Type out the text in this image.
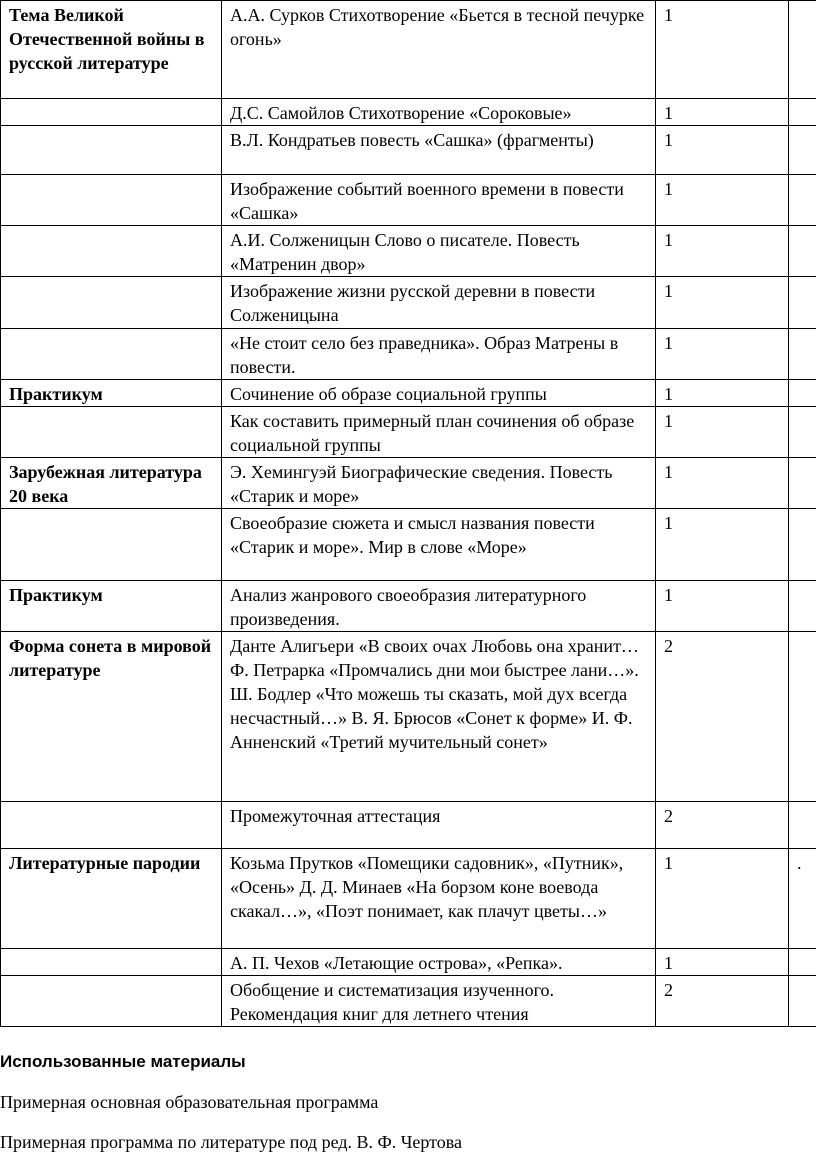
Тема Великой Отечественной войны в русской литературе	А.А. Сурков Стихотворение «Бьется в тесной печурке огонь»	1	
	Д.С. Самойлов Стихотворение «Сороковые»	1	
	В.Л. Кондратьев повесть «Сашка» (фрагменты)	1	
	Изображение событий военного времени в повести «Сашка»	1	
	А.И. Солженицын Слово о писателе. Повесть «Матренин двор»	1	
	Изображение жизни русской деревни в повести Солженицына	1	
	«Не стоит село без праведника». Образ Матрены в повести.	1	
Практикум	Сочинение об образе социальной группы	1	
	Как составить примерный план сочинения об образе социальной группы	1	
Зарубежная литература 20 века	Э. Хемингуэй Биографические сведения. Повесть «Старик и море»	1	
	Своеобразие сюжета и смысл названия повести «Старик и море». Мир в слове «Море»	1	
Практикум	Анализ жанрового своеобразия литературного произведения.	1	
Форма сонета в мировой литературе	Данте Алигьери «В своих очах Любовь она хранит… Ф. Петрарка «Промчались дни мои быстрее лани…». Ш. Бодлер «Что можешь ты сказать, мой дух всегда несчастный…» В. Я. Брюсов «Сонет к форме» И. Ф. Анненский «Третий мучительный сонет»	2	
	Промежуточная аттестация	2	
Литературные пародии	Козьма Прутков «Помещики садовник», «Путник», «Осень» Д. Д. Минаев «На борзом коне воевода скакал…», «Поэт понимает, как плачут цветы…»	1	.
	А. П. Чехов «Летающие острова», «Репка».	1	
	Обобщение и систематизация изученного. Рекомендация книг для летнего чтения	2	

Использованные материалы

Примерная основная образовательная программа

Примерная программа по литературе под ред. В. Ф. Чертова
